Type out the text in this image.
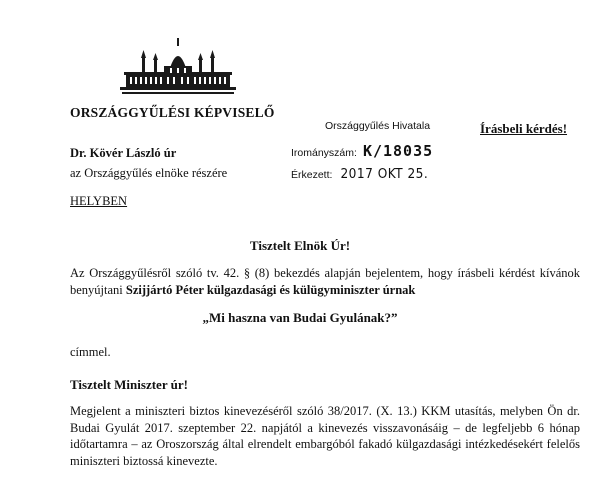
ORSZÁGGYŰLÉSI KÉPVISELŐ
Országgyűlés Hivatala
Irományszám: K/18035
Érkezett: 2017 OKT 25.
Írásbeli kérdés!
Dr. Kövér László úr
az Országgyűlés elnöke részére
HELYBEN
Tisztelt Elnök Úr!
Az Országgyűlésről szóló tv. 42. § (8) bekezdés alapján bejelentem, hogy írásbeli kérdést kívánok benyújtani Szijjártó Péter külgazdasági és külügyminiszter úrnak
„Mi haszna van Budai Gyulának?”
címmel.
Tisztelt Miniszter úr!
Megjelent a miniszteri biztos kinevezéséről szóló 38/2017. (X. 13.) KKM utasítás, melyben Ön dr. Budai Gyulát 2017. szeptember 22. napjától a kinevezés visszavonásáig – de legfeljebb 6 hónap időtartamra – az Oroszország által elrendelt embargóból fakadó külgazdasági intézkedésekért felelős miniszteri biztossá kinevezte.
